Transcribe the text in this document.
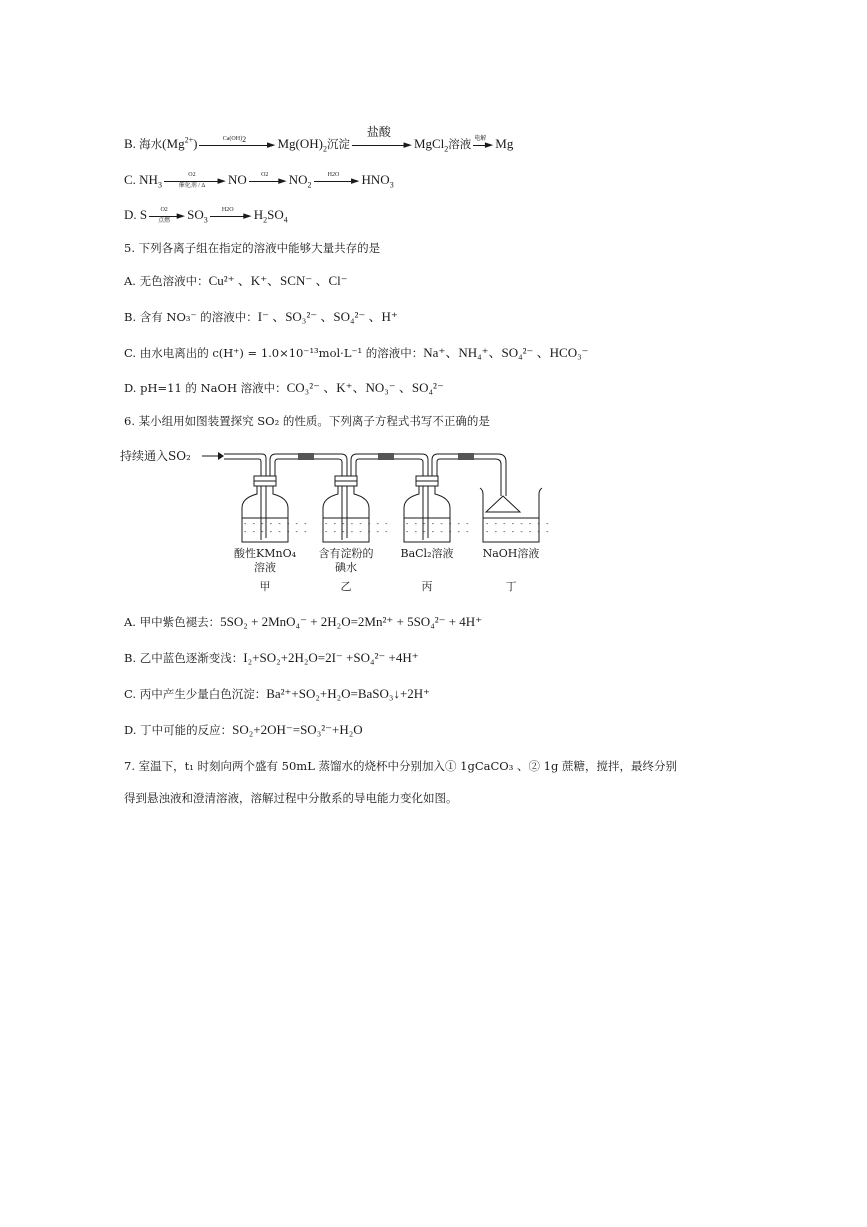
B. 海水$(Mg^{2+})$	$Ca(OH)_2$	► $Mg(OH)_2$沉淀
盐酸
► MgCl$_2$溶液 电解
► Mg
C. $NH_3$
O2	►
催化剂 / Δ	NO	O2 ► $NO_2$
H2O	► $HNO_3$
D. S	O2 ►
点燃	$SO_3$
H2O ► $H_2SO_4$
5. 下列各离子组在指定的溶液中能够大量共存的是
A. 无色溶液中：Cu²⁺ 、K⁺、SCN⁻ 、Cl⁻
B. 含有 NO₃⁻ 的溶液中：I⁻ 、SO₃²⁻ 、SO₄²⁻ 、H⁺
C. 由水电离出的 c(H⁺) = 1.0×10⁻¹³mol·L⁻¹ 的溶液中：Na⁺、NH₄⁺、SO₄²⁻ 、HCO₃⁻
D. pH=11 的 NaOH 溶液中：CO₃²⁻ 、K⁺、NO₃⁻ 、SO₄²⁻
6. 某小组用如图装置探究 SO₂ 的性质。下列离子方程式书写不正确的是
持续通入SO₂
- - - - - - - -
- - - - - - - -
- - - - - - - -
- - - - - - - -
- - - - - - - -
- - - - - - - -
- - - - - - - -
- - - - - - - -
酸性KMnO₄
溶液
甲
含有淀粉的
碘水
乙
BaCl₂溶液
丙
NaOH溶液
丁
A. 甲中紫色褪去：5SO₂ + 2MnO₄⁻ + 2H₂O=2Mn²⁺ + 5SO₄²⁻ + 4H⁺
B. 乙中蓝色逐渐变浅：I₂+SO₂+2H₂O=2I⁻ +SO₄²⁻ +4H⁺
C. 丙中产生少量白色沉淀：Ba²⁺+SO₂+H₂O=BaSO₃↓+2H⁺
D. 丁中可能的反应：SO₂+2OH⁻=SO₃²⁻+H₂O
7. 室温下，t₁ 时刻向两个盛有 50mL 蒸馏水的烧杯中分别加入① 1gCaCO₃ 、② 1g 蔗糖，搅拌，最终分别
得到悬浊液和澄清溶液，溶解过程中分散系的导电能力变化如图。
